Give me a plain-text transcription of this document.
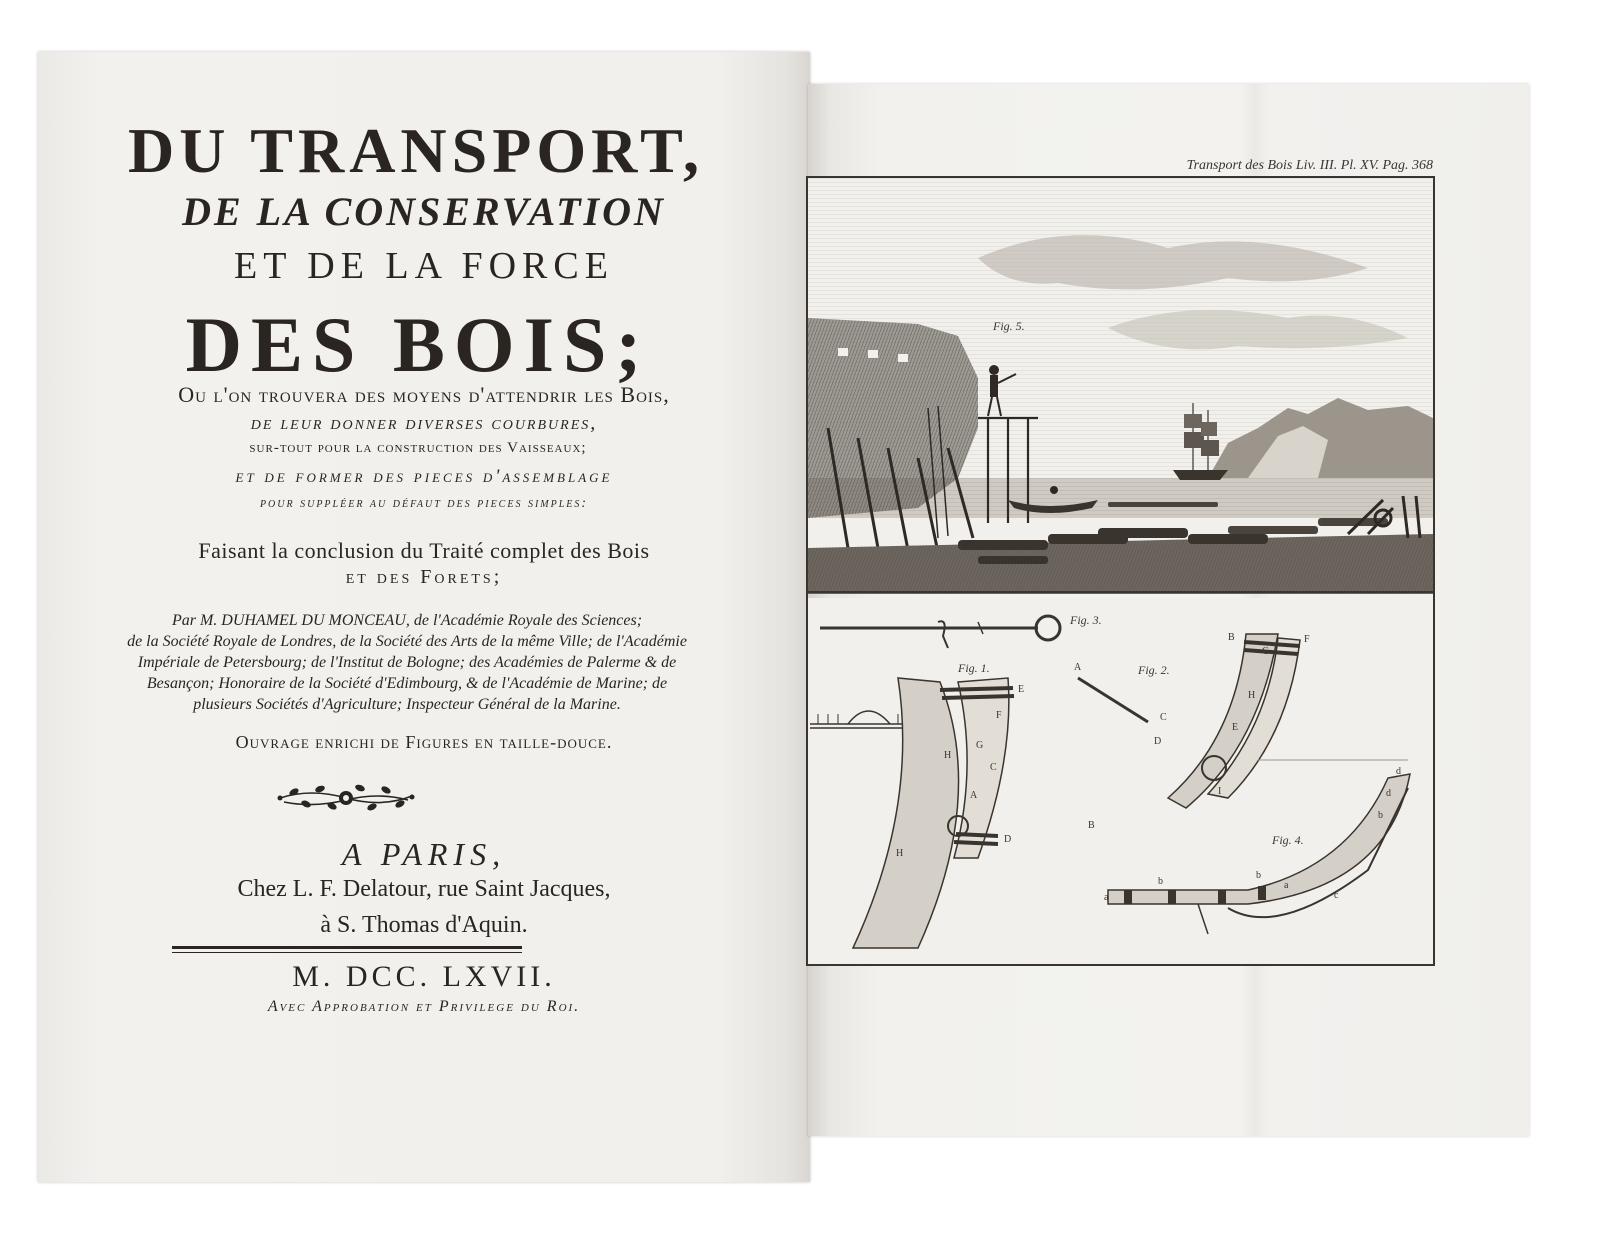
DU TRANSPORT,
DE LA CONSERVATION
ET DE LA FORCE
DES BOIS;
Ou l'on trouvera des moyens d'attendrir les Bois,
de leur donner diverses courbures,
sur-tout pour la construction des Vaisseaux;
et de former des pieces d'assemblage
pour suppléer au défaut des pieces simples:
Faisant la conclusion du Traité complet des Bois
et des Forets;
Par M. DUHAMEL DU MONCEAU, de l'Académie Royale des Sciences;
de la Société Royale de Londres, de la Société des Arts de la même Ville; de l'Académie
Impériale de Petersbourg; de l'Institut de Bologne; des Académies de Palerme & de
Besançon; Honoraire de la Société d'Edimbourg, & de l'Académie de Marine; de
plusieurs Sociétés d'Agriculture; Inspecteur Général de la Marine.
Ouvrage enrichi de Figures en taille-douce.
A PARIS,
Chez L. F. Delatour, rue Saint Jacques,
à S. Thomas d'Aquin.
M. DCC. LXVII.
Avec Approbation et Privilege du Roi.
Transport des Bois Liv. III. Pl. XV. Pag. 368
Fig. 5.
Fig. 3.
E
F
G
C
A
D
H
H
Fig. 1.
B
G
F
H
E
C
D
I
A
B
Fig. 2.
a
b
b
a
c
d
d
b
Fig. 4.
